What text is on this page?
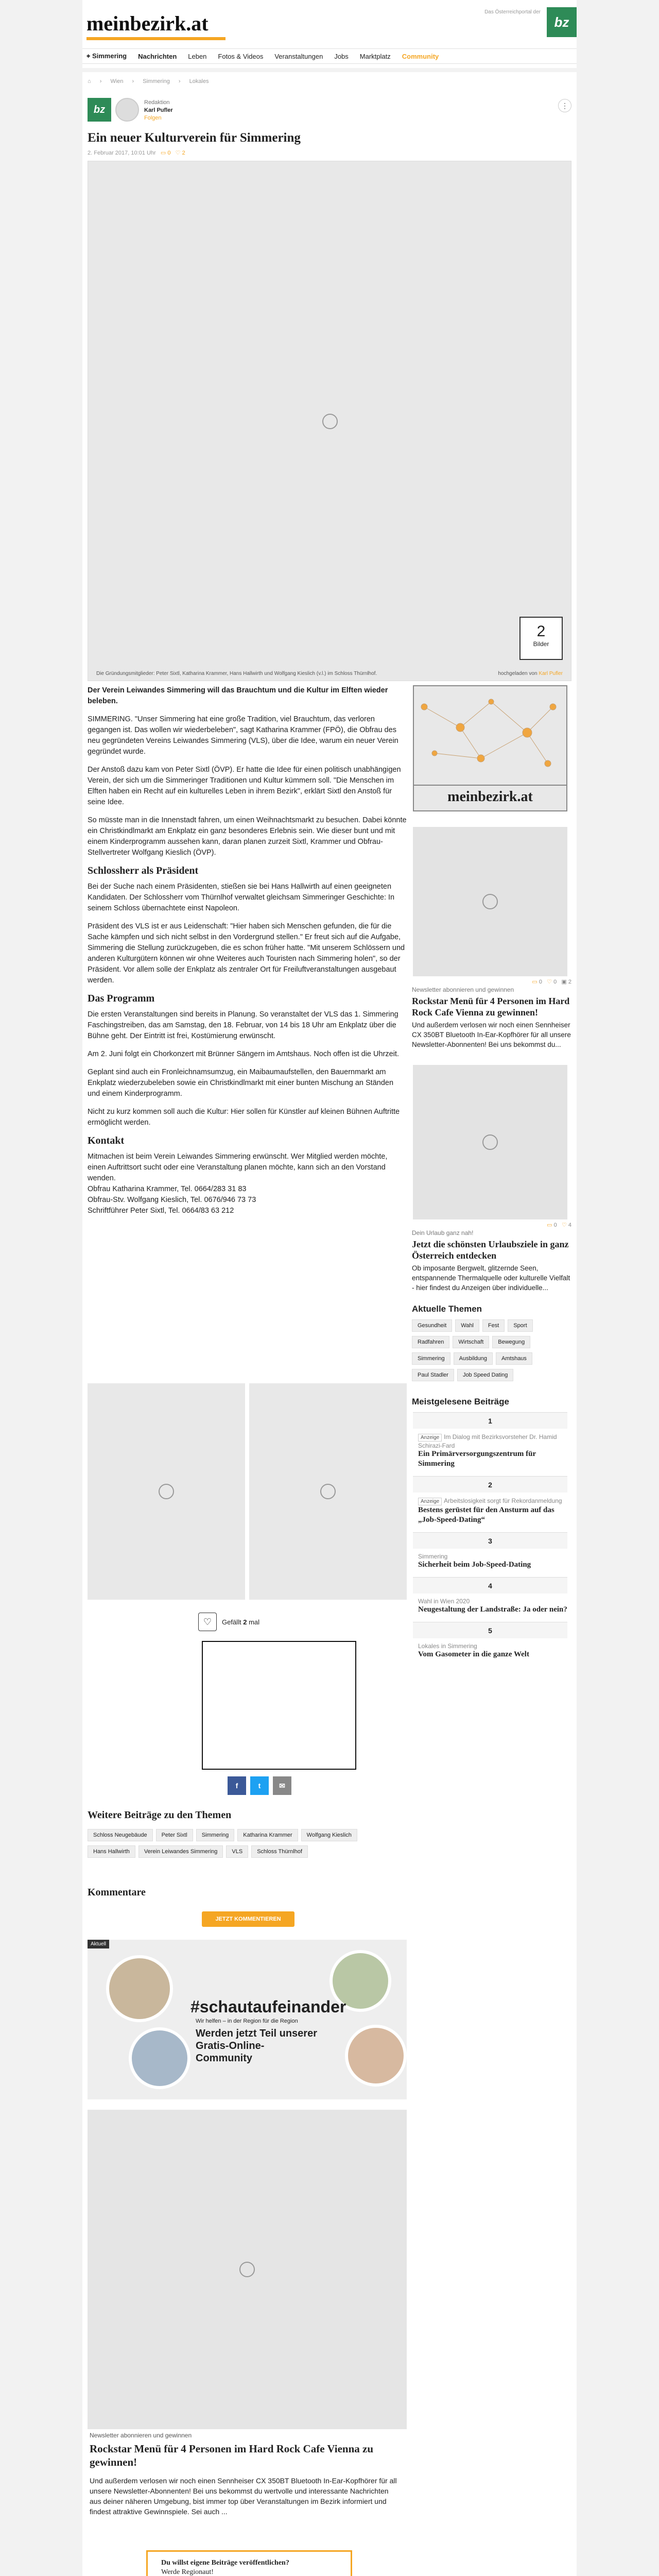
meinbezirk.at	Das Österreichportal der
bz
⌖ Simmering Nachrichten Leben Fotos & Videos Veranstaltungen Jobs Marktplatz Community
⌂ › Wien › Simmering › Lokales
bz
Redaktion
Karl Pufler
Folgen
⋮
Ein neuer Kulturverein für Simmering
2. Februar 2017, 10:01 Uhr ▭ 0 ♡ 2
2
Bilder
Die Gründungsmitglieder: Peter Sixtl, Katharina Krammer, Hans Hallwirth und Wolfgang Kieslich (v.l.) im Schloss Thürnlhof.	hochgeladen von Karl Pufler

Der Verein Leiwandes Simmering will das Brauchtum und die Kultur im Elften wieder beleben.

SIMMERING. "Unser Simmering hat eine große Tradition, viel Brauchtum, das verloren gegangen ist. Das wollen wir wiederbeleben", sagt Katharina Krammer (FPÖ), die Obfrau des neu gegründeten Vereins Leiwandes Simmering (VLS), über die Idee, warum ein neuer Verein gegründet wurde.

Der Anstoß dazu kam von Peter Sixtl (ÖVP). Er hatte die Idee für einen politisch unabhängigen Verein, der sich um die Simmeringer Traditionen und Kultur kümmern soll. "Die Menschen im Elften haben ein Recht auf ein kulturelles Leben in ihrem Bezirk", erklärt Sixtl den Anstoß für seine Idee.

So müsste man in die Innenstadt fahren, um einen Weihnachtsmarkt zu besuchen. Dabei könnte ein Christkindlmarkt am Enkplatz ein ganz besonderes Erlebnis sein. Wie dieser bunt und mit einem Kinderprogramm aussehen kann, daran planen zurzeit Sixtl, Krammer und Obfrau-Stellvertreter Wolfgang Kieslich (ÖVP).

Schlossherr als Präsident

Bei der Suche nach einem Präsidenten, stießen sie bei Hans Hallwirth auf einen geeigneten Kandidaten. Der Schlossherr vom Thürnlhof verwaltet gleichsam Simmeringer Geschichte: In seinem Schloss übernachtete einst Napoleon.

Präsident des VLS ist er aus Leidenschaft: "Hier haben sich Menschen gefunden, die für die Sache kämpfen und sich nicht selbst in den Vordergrund stellen." Er freut sich auf die Aufgabe, Simmering die Stellung zurückzugeben, die es schon früher hatte. "Mit unserem Schlössern und anderen Kulturgütern können wir ohne Weiteres auch Touristen nach Simmering holen", so der Präsident. Vor allem solle der Enkplatz als zentraler Ort für Freiluftveranstaltungen ausgebaut werden.

Das Programm

Die ersten Veranstaltungen sind bereits in Planung. So veranstaltet der VLS das 1. Simmering Faschingstreiben, das am Samstag, den 18. Februar, von 14 bis 18 Uhr am Enkplatz über die Bühne geht. Der Eintritt ist frei, Kostümierung erwünscht.

Am 2. Juni folgt ein Chorkonzert mit Brünner Sängern im Amtshaus. Noch offen ist die Uhrzeit.

Geplant sind auch ein Fronleichnamsumzug, ein Maibaumaufstellen, den Bauernmarkt am Enkplatz wiederzubeleben sowie ein Christkindlmarkt mit einer bunten Mischung an Ständen und einem Kinderprogramm.

Nicht zu kurz kommen soll auch die Kultur: Hier sollen für Künstler auf kleinen Bühnen Auftritte ermöglicht werden.

Kontakt

Mitmachen ist beim Verein Leiwandes Simmering erwünscht. Wer Mitglied werden möchte, einen Auftrittsort sucht oder eine Veranstaltung planen möchte, kann sich an den Vorstand wenden.
Obfrau Katharina Krammer, Tel. 0664/283 31 83
Obfrau-Stv. Wolfgang Kieslich, Tel. 0676/946 73 73
Schriftführer Peter Sixtl, Tel. 0664/83 63 212

meinbezirk.at
▭ 0 ♡ 0 ▣ 2
Newsletter abonnieren und gewinnen
Rockstar Menü für 4 Personen im Hard Rock Cafe Vienna zu gewinnen!
Und außerdem verlosen wir noch einen Sennheiser CX 350BT Bluetooth In-Ear-Kopfhörer für all unsere Newsletter-Abonnenten! Bei uns bekommst du...
▭ 0 ♡ 4
Dein Urlaub ganz nah!
Jetzt die schönsten Urlaubsziele in ganz Österreich entdecken
Ob imposante Bergwelt, glitzernde Seen, entspannende Thermalquelle oder kulturelle Vielfalt - hier findest du Anzeigen über individuelle...
Aktuelle Themen
Gesundheit	Wahl	Fest	SportRadfahren	Wirtschaft	BewegungSimmering	Ausbildung	AmtshausPaul Stadler	Job Speed Dating
Meistgelesene Beiträge
1
Anzeige Im Dialog mit Bezirksvorsteher Dr. Hamid Schirazi-Fard
Ein Primärversorgungszentrum für Simmering
2
Anzeige Arbeitslosigkeit sorgt für Rekordanmeldung
Bestens gerüstet für den Ansturm auf das „Job-Speed-Dating“
3
Simmering
Sicherheit beim Job-Speed-Dating
4
Wahl in Wien 2020
Neugestaltung der Landstraße: Ja oder nein?
5
Lokales in Simmering
Vom Gasometer in die ganze Welt
♡	Gefällt
2
mal
f	t	✉
Weitere Beiträge zu den Themen
Schloss Neugebäude	Peter Sixtl	Simmering	Katharina Krammer	Wolfgang KieslichHans Hallwirth	Verein Leiwandes Simmering	VLS	Schloss Thürnlhof
Kommentare
JETZT KOMMENTIEREN
Aktuell
#schautaufeinander
Wir helfen – in der Region für die Region
Werden jetzt Teil unserer Gratis-Online-Community
Newsletter abonnieren und gewinnen
Rockstar Menü für 4 Personen im Hard Rock Cafe Vienna zu gewinnen!
Und außerdem verlosen wir noch einen Sennheiser CX 350BT Bluetooth In-Ear-Kopfhörer für all unsere Newsletter-Abonnenten! Bei uns bekommst du wertvolle und interessante Nachrichten aus deiner näheren Umgebung, bist immer top über Veranstaltungen im Bezirk informiert und findest attraktive Gewinnspiele. Sei auch ...
Du willst eigene Beiträge veröffentlichen?
Werde Regionaut!
